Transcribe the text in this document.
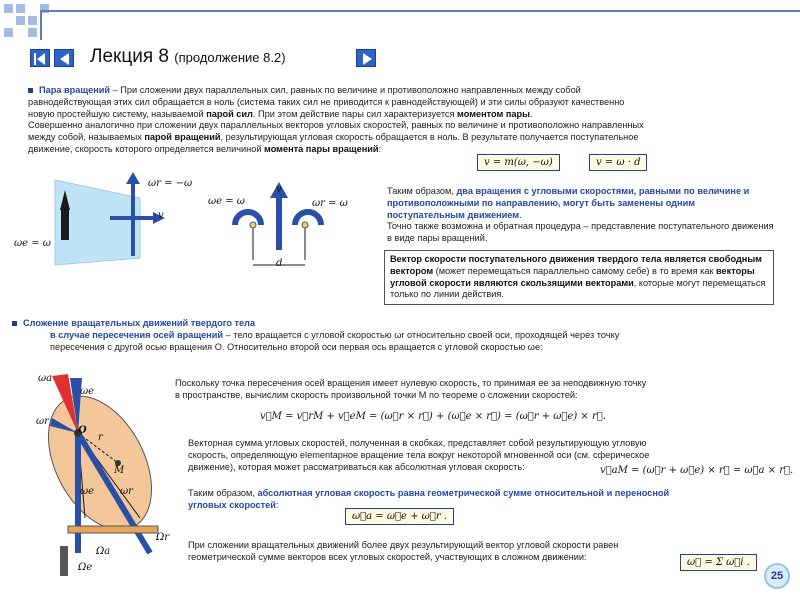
Лекция 8 (продолжение 8.2)
Пара вращений – При сложении двух параллельных сил, равных по величине и противоположно направленных между собой
равнодействующая этих сил обращается в ноль (система таких сил не приводится к равнодействующей) и эти силы образуют качественно
новую простейшую систему, называемой парой сил. При этом действие пары сил характеризуется моментом пары.
Совершенно аналогично при сложении двух параллельных векторов угловых скоростей, равных по величине и противоположно направленных
между собой, называемых парой вращений, результирующая угловая скорость обращается в ноль. В результате получается поступательное
движение, скорость которого определяется величиной момента пары вращений:
v = m(ω, −ω)	v = ω · d
ωe = ω
ωr = −ω
v
ωe = ω
v
ωr = ω
d
Таким образом, два вращения с угловыми скоростями, равными по величине и противоположными по направлению, могут быть заменены одним поступательным движением.
Точно также возможна и обратная процедура – представление поступательного движения в виде пары вращений.
Вектор скорости поступательного движения твердого тела является свободным вектором (может перемещаться параллельно самому себе) в то время как векторы угловой скорости являются скользящими векторами, которые могут перемещаться только по линии действия.
Сложение вращательных движений твердого тела
в случае пересечения осей вращений – тело вращается с угловой скоростью ωr относительно своей оси, проходящей через точку
пересечения с другой осью вращения O. Относительно второй оси первая ось вращается с угловой скоростью ωe:
ωa
ωe
ωr
O
r
M
ωe	ωr
Ωa
Ωe
Ωr
Поскольку точка пересечения осей вращения имеет нулевую скорость, то принимая ее за неподвижную точку
в пространстве, вычислим скорость произвольной точки M по теореме о сложении скоростей:
v⃗M = v⃗rM + v⃗eM = (ω⃗r × r⃗) + (ω⃗e × r⃗) = (ω⃗r + ω⃗e) × r⃗.
Векторная сумма угловых скоростей, полученная в скобках, представляет собой результирующую угловую
скорость, определяющую elementарное вращение тела вокруг некоторой мгновенной оси (см. сферическое
движение), которая может рассматриваться как абсолютная угловая скорость:	v⃗aM = (ω⃗r + ω⃗e) × r⃗ = ω⃗a × r⃗.
Таким образом, абсолютная угловая скорость равна геометрической сумме относительной и переносной
угловых скоростей:
ω⃗a = ω⃗e + ω⃗r .
При сложении вращательных движений более двух результирующий вектор угловой скорости равен
геометрической сумме векторов всех угловых скоростей, участвующих в сложном движении:
ω⃗ = Σ ω⃗i .
25
